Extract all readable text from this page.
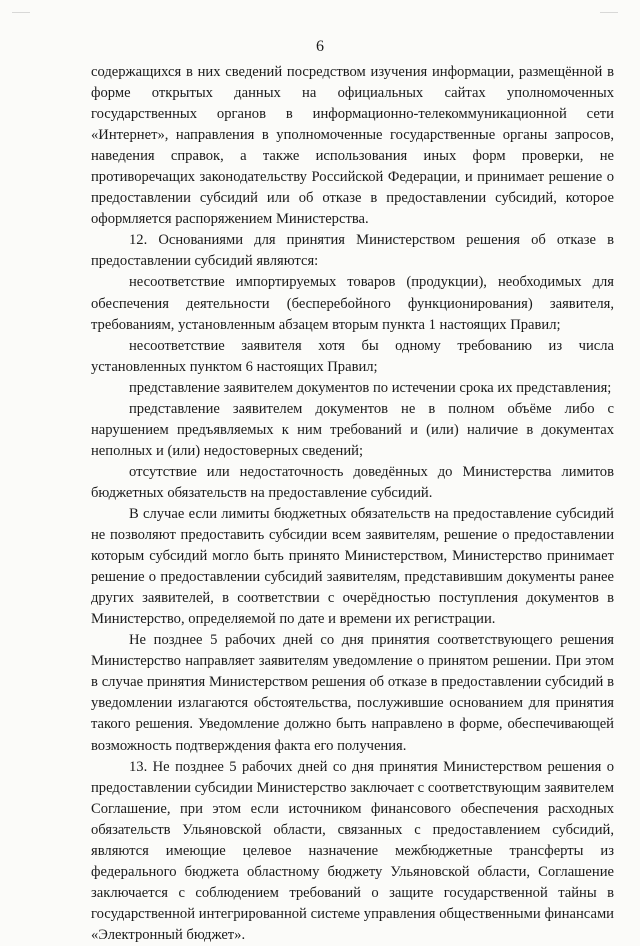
6

содержащихся в них сведений посредством изучения информации, размещённой в форме открытых данных на официальных сайтах уполномоченных государственных органов в информационно-телекоммуникационной сети «Интернет», направления в уполномоченные государственные органы запросов, наведения справок, а также использования иных форм проверки, не противоречащих законодательству Российской Федерации, и принимает решение о предоставлении субсидий или об отказе в предоставлении субсидий, которое оформляется распоряжением Министерства.

12. Основаниями для принятия Министерством решения об отказе в предоставлении субсидий являются:

несоответствие импортируемых товаров (продукции), необходимых для обеспечения деятельности (бесперебойного функционирования) заявителя, требованиям, установленным абзацем вторым пункта 1 настоящих Правил;

несоответствие заявителя хотя бы одному требованию из числа установленных пунктом 6 настоящих Правил;

представление заявителем документов по истечении срока их представления;

представление заявителем документов не в полном объёме либо с нарушением предъявляемых к ним требований и (или) наличие в документах неполных и (или) недостоверных сведений;

отсутствие или недостаточность доведённых до Министерства лимитов бюджетных обязательств на предоставление субсидий.

В случае если лимиты бюджетных обязательств на предоставление субсидий не позволяют предоставить субсидии всем заявителям, решение о предоставлении которым субсидий могло быть принято Министерством, Министерство принимает решение о предоставлении субсидий заявителям, представившим документы ранее других заявителей, в соответствии с очерёдностью поступления документов в Министерство, определяемой по дате и времени их регистрации.

Не позднее 5 рабочих дней со дня принятия соответствующего решения Министерство направляет заявителям уведомление о принятом решении. При этом в случае принятия Министерством решения об отказе в предоставлении субсидий в уведомлении излагаются обстоятельства, послужившие основанием для принятия такого решения. Уведомление должно быть направлено в форме, обеспечивающей возможность подтверждения факта его получения.

13. Не позднее 5 рабочих дней со дня принятия Министерством решения о предоставлении субсидии Министерство заключает с соответствующим заявителем Соглашение, при этом если источником финансового обеспечения расходных обязательств Ульяновской области, связанных с предоставлением субсидий, являются имеющие целевое назначение межбюджетные трансферты из федерального бюджета областному бюджету Ульяновской области, Соглашение заключается с соблюдением требований о защите государственной тайны в государственной интегрированной системе управления общественными финансами «Электронный бюджет».
